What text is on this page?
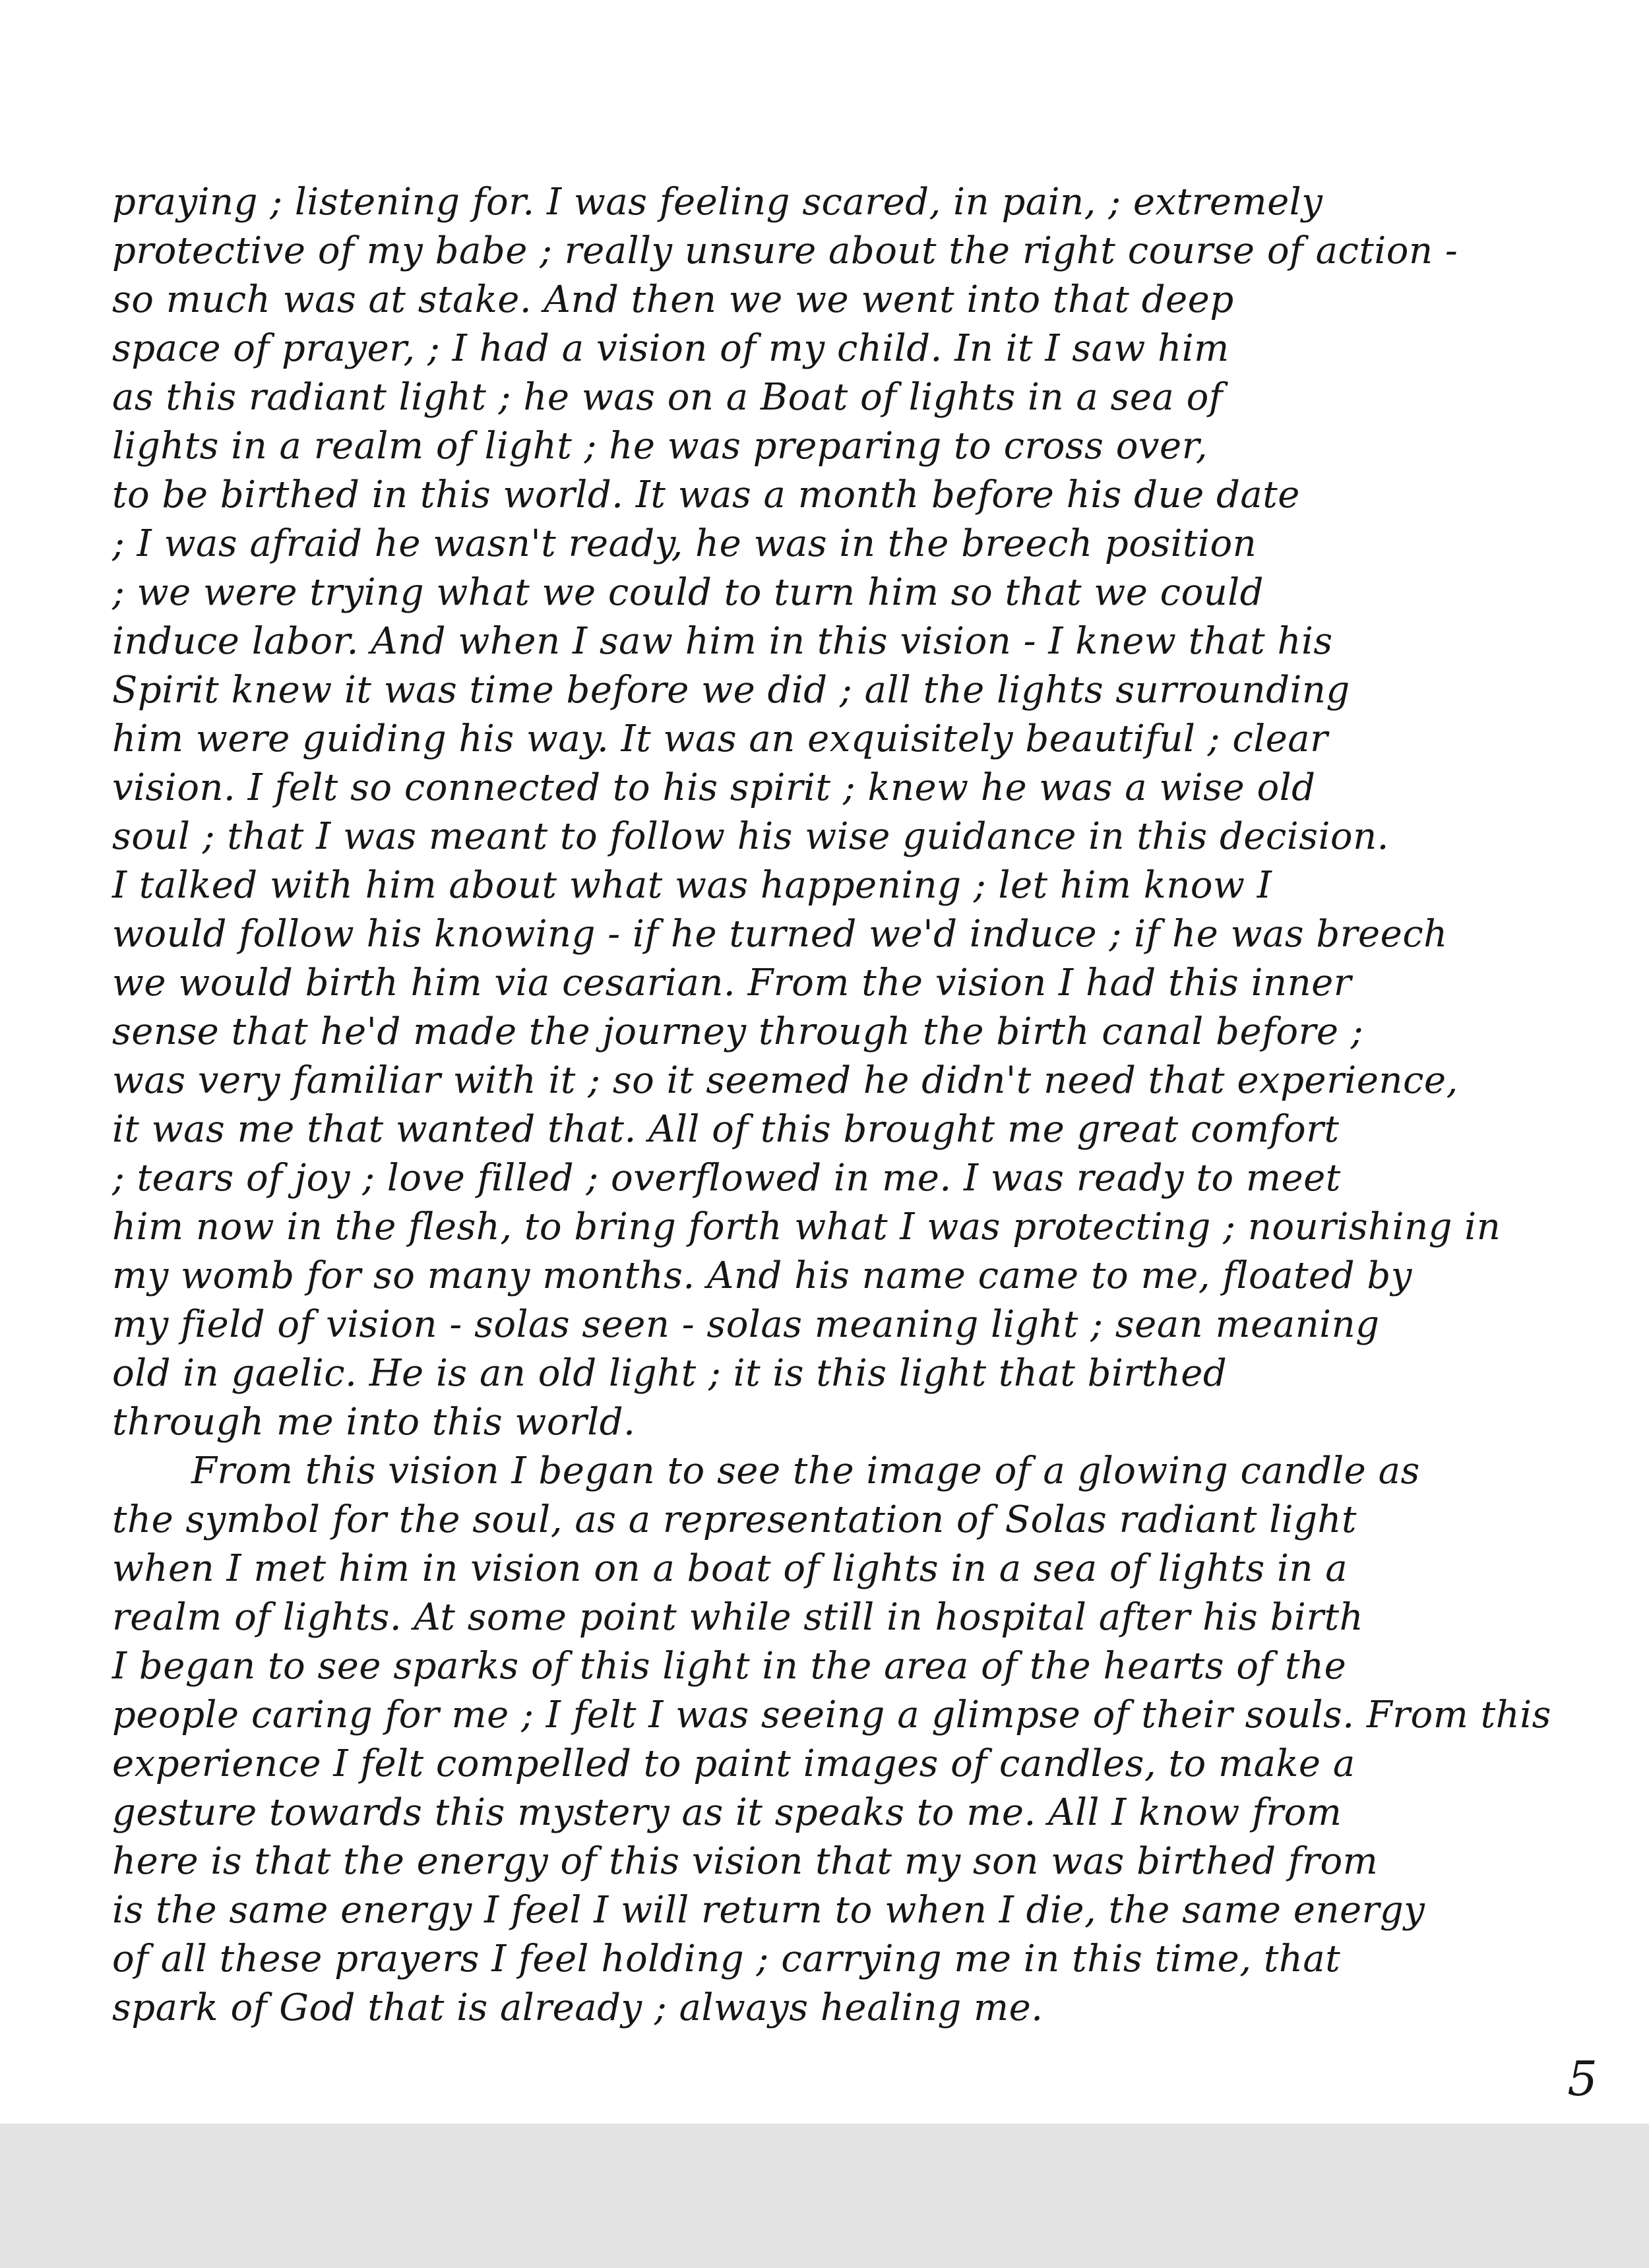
praying ; listening for. I was feeling scared, in pain, ; extremely
protective of my babe ; really unsure about the right course of action -
so much was at stake. And then we we went into that deep
space of prayer, ; I had a vision of my child. In it I saw him
as this radiant light ; he was on a Boat of lights in a sea of
lights in a realm of light ; he was preparing to cross over,
to be birthed in this world. It was a month before his due date
; I was afraid he wasn't ready, he was in the breech position
; we were trying what we could to turn him so that we could
induce labor. And when I saw him in this vision - I knew that his
Spirit knew it was time before we did ; all the lights surrounding
him were guiding his way. It was an exquisitely beautiful ; clear
vision. I felt so connected to his spirit ; knew he was a wise old
soul ; that I was meant to follow his wise guidance in this decision.
I talked with him about what was happening ; let him know I
would follow his knowing - if he turned we'd induce ; if he was breech
we would birth him via cesarian. From the vision I had this inner
sense that he'd made the journey through the birth canal before ;
was very familiar with it ; so it seemed he didn't need that experience,
it was me that wanted that. All of this brought me great comfort
; tears of joy ; love filled ; overflowed in me. I was ready to meet
him now in the flesh, to bring forth what I was protecting ; nourishing in
my womb for so many months. And his name came to me, floated by
my field of vision - solas seen - solas meaning light ; sean meaning
old in gaelic. He is an old light ; it is this light that birthed
through me into this world.
From this vision I began to see the image of a glowing candle as
the symbol for the soul, as a representation of Solas radiant light
when I met him in vision on a boat of lights in a sea of lights in a
realm of lights. At some point while still in hospital after his birth
I began to see sparks of this light in the area of the hearts of the
people caring for me ; I felt I was seeing a glimpse of their souls. From this
experience I felt compelled to paint images of candles, to make a
gesture towards this mystery as it speaks to me. All I know from
here is that the energy of this vision that my son was birthed from
is the same energy I feel I will return to when I die, the same energy
of all these prayers I feel holding ; carrying me in this time, that
spark of God that is already ; always healing me.
5
